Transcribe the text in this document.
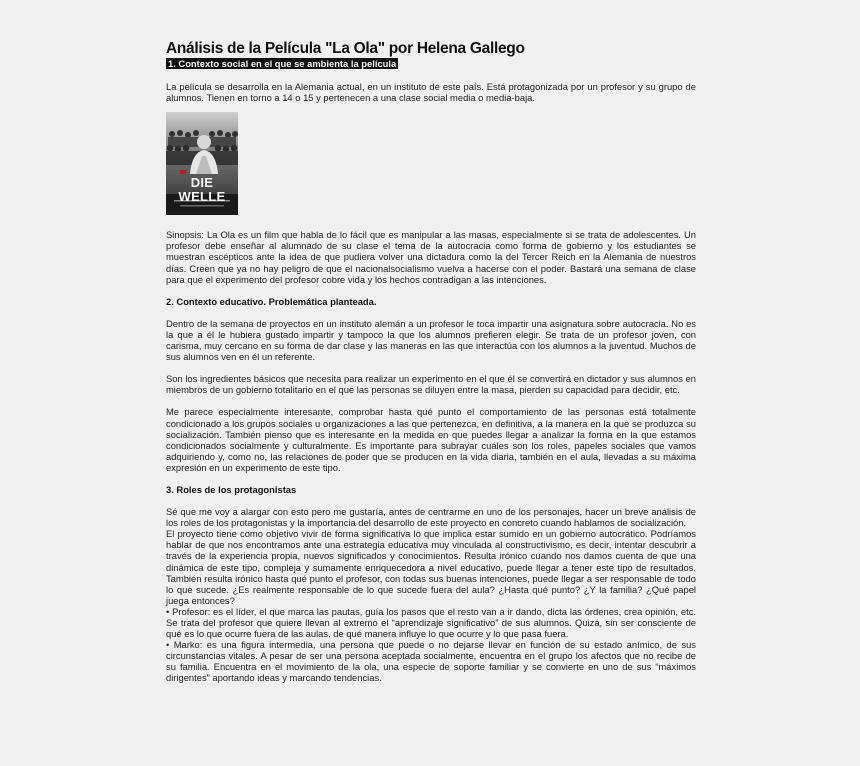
Análisis de la Película "La Ola" por Helena Gallego
1. Contexto social en el que se ambienta la película

La película se desarrolla en la Alemania actual, en un instituto de este país. Está protagonizada por un profesor y su grupo de alumnos. Tienen en torno a 14 o 15 y pertenecen a una clase social media o media-baja.

DIE WELLE

Sinopsis: La Ola es un film que habla de lo fácil que es manipular a las masas, especialmente si se trata de adolescentes. Un profesor debe enseñar al alumnado de su clase el tema de la autocracia como forma de gobierno y los estudiantes se muestran escépticos ante la idea de que pudiera volver una dictadura como la del Tercer Reich en la Alemania de nuestros días. Creen que ya no hay peligro de que el nacionalsocialismo vuelva a hacerse con el poder. Bastará una semana de clase para que el experimento del profesor cobre vida y los hechos contradigan a las intenciones.

2. Contexto educativo. Problemática planteada.

Dentro de la semana de proyectos en un instituto alemán a un profesor le toca impartir una asignatura sobre autocracia. No es la que a él le hubiera gustado impartir y tampoco la que los alumnos prefieren elegir. Se trata de un profesor joven, con carisma, muy cercano en su forma de dar clase y las maneras en las que interactúa con los alumnos a la juventud. Muchos de sus alumnos ven en él un referente.

Son los ingredientes básicos que necesita para realizar un experimento en el que él se convertirá en dictador y sus alumnos en miembros de un gobierno totalitario en el que las personas se diluyen entre la masa, pierden su capacidad para decidir, etc.

Me parece especialmente interesante, comprobar hasta qué punto el comportamiento de las personas está totalmente condicionado a los grupos sociales u organizaciones a las que pertenezca, en definitiva, a la manera en la que se produzca su socialización. También pienso que es interesante en la medida en que puedes llegar a analizar la forma en la que estamos condicionados socialmente y culturalmente. Es importante para subrayar cuáles son los roles, papeles sociales que vamos adquiriendo y, como no, las relaciones de poder que se producen en la vida diaria, también en el aula, llevadas a su máxima expresión en un experimento de este tipo.

3. Roles de los protagonistas

Sé que me voy a alargar con esto pero me gustaría, antes de centrarme en uno de los personajes, hacer un breve análisis de los roles de los protagonistas y la importancia del desarrollo de este proyecto en concreto cuando hablamos de socialización.

El proyecto tiene como objetivo vivir de forma significativa lo que implica estar sumido en un gobierno autocrático. Podríamos hablar de que nos encontramos ante una estrategia educativa muy vinculada al constructivismo, es decir, intentar descubrir a través de la experiencia propia, nuevos significados y conocimientos. Resulta irónico cuando nos damos cuenta de que una dinámica de este tipo, compleja y sumamente enriquecedora a nivel educativo, puede llegar a tener este tipo de resultados. También resulta irónico hasta qué punto el profesor, con todas sus buenas intenciones, puede llegar a ser responsable de todo lo que sucede. ¿Es realmente responsable de lo que sucede fuera del aula? ¿Hasta qué punto? ¿Y la familia? ¿Qué papel juega entonces?

• Profesor: es el líder, el que marca las pautas, guía los pasos que el resto van a ir dando, dicta las órdenes, crea opinión, etc. Se trata del profesor que quiere llevan al extremo el “aprendizaje significativo” de sus alumnos. Quizá, sin ser consciente de qué es lo que ocurre fuera de las aulas, de qué manera influye lo que ocurre y lo que pasa fuera.

• Marko: es una figura intermedia, una persona que puede o no dejarse llevar en función de su estado anímico, de sus circunstancias vitales. A pesar de ser una persona aceptada socialmente, encuentra en el grupo los afectos que no recibe de su familia. Encuentra en el movimiento de la ola, una especie de soporte familiar y se convierte en uno de sus “máximos dirigentes” aportando ideas y marcando tendencias.
